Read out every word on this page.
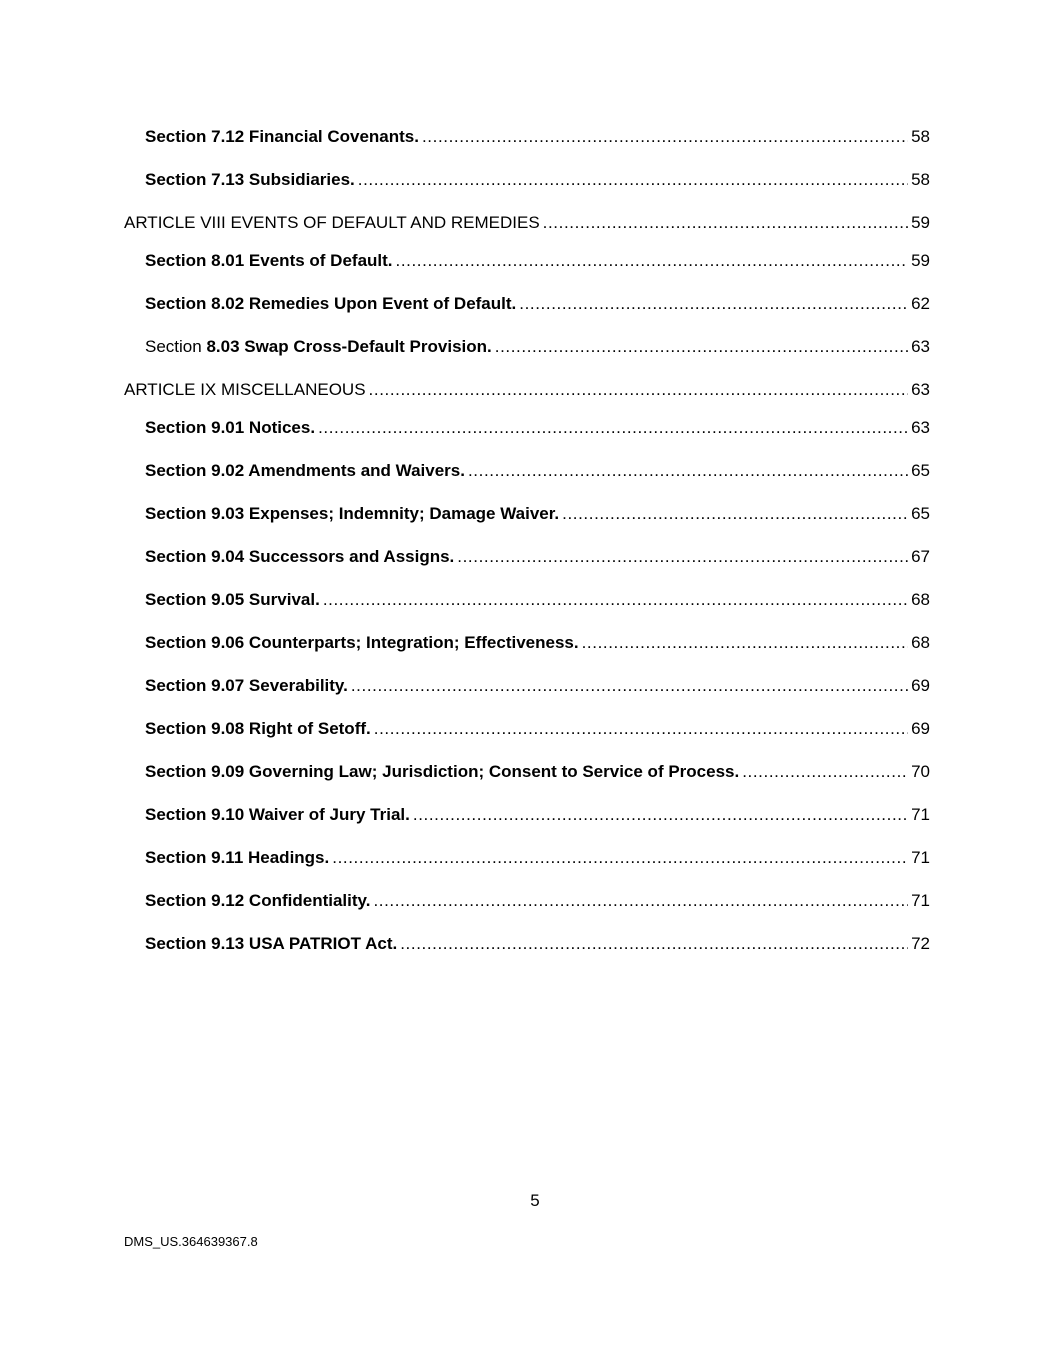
Section 7.12 Financial Covenants. .....	58
Section 7.13 Subsidiaries. .....	58
ARTICLE VIII EVENTS OF DEFAULT AND REMEDIES .....	59
Section 8.01 Events of Default. .....	59
Section 8.02 Remedies Upon Event of Default. .....	62
Section 8.03 Swap Cross-Default Provision. .....	63
ARTICLE IX MISCELLANEOUS .....	63
Section 9.01 Notices. .....	63
Section 9.02 Amendments and Waivers. .....	65
Section 9.03 Expenses; Indemnity; Damage Waiver. .....	65
Section 9.04 Successors and Assigns. .....	67
Section 9.05 Survival. .....	68
Section 9.06 Counterparts; Integration; Effectiveness. .....	68
Section 9.07 Severability. .....	69
Section 9.08 Right of Setoff. .....	69
Section 9.09 Governing Law; Jurisdiction; Consent to Service of Process. .....	70
Section 9.10 Waiver of Jury Trial. .....	71
Section 9.11 Headings. .....	71
Section 9.12 Confidentiality. .....	71
Section 9.13 USA PATRIOT Act. .....	72
5
DMS_US.364639367.8
